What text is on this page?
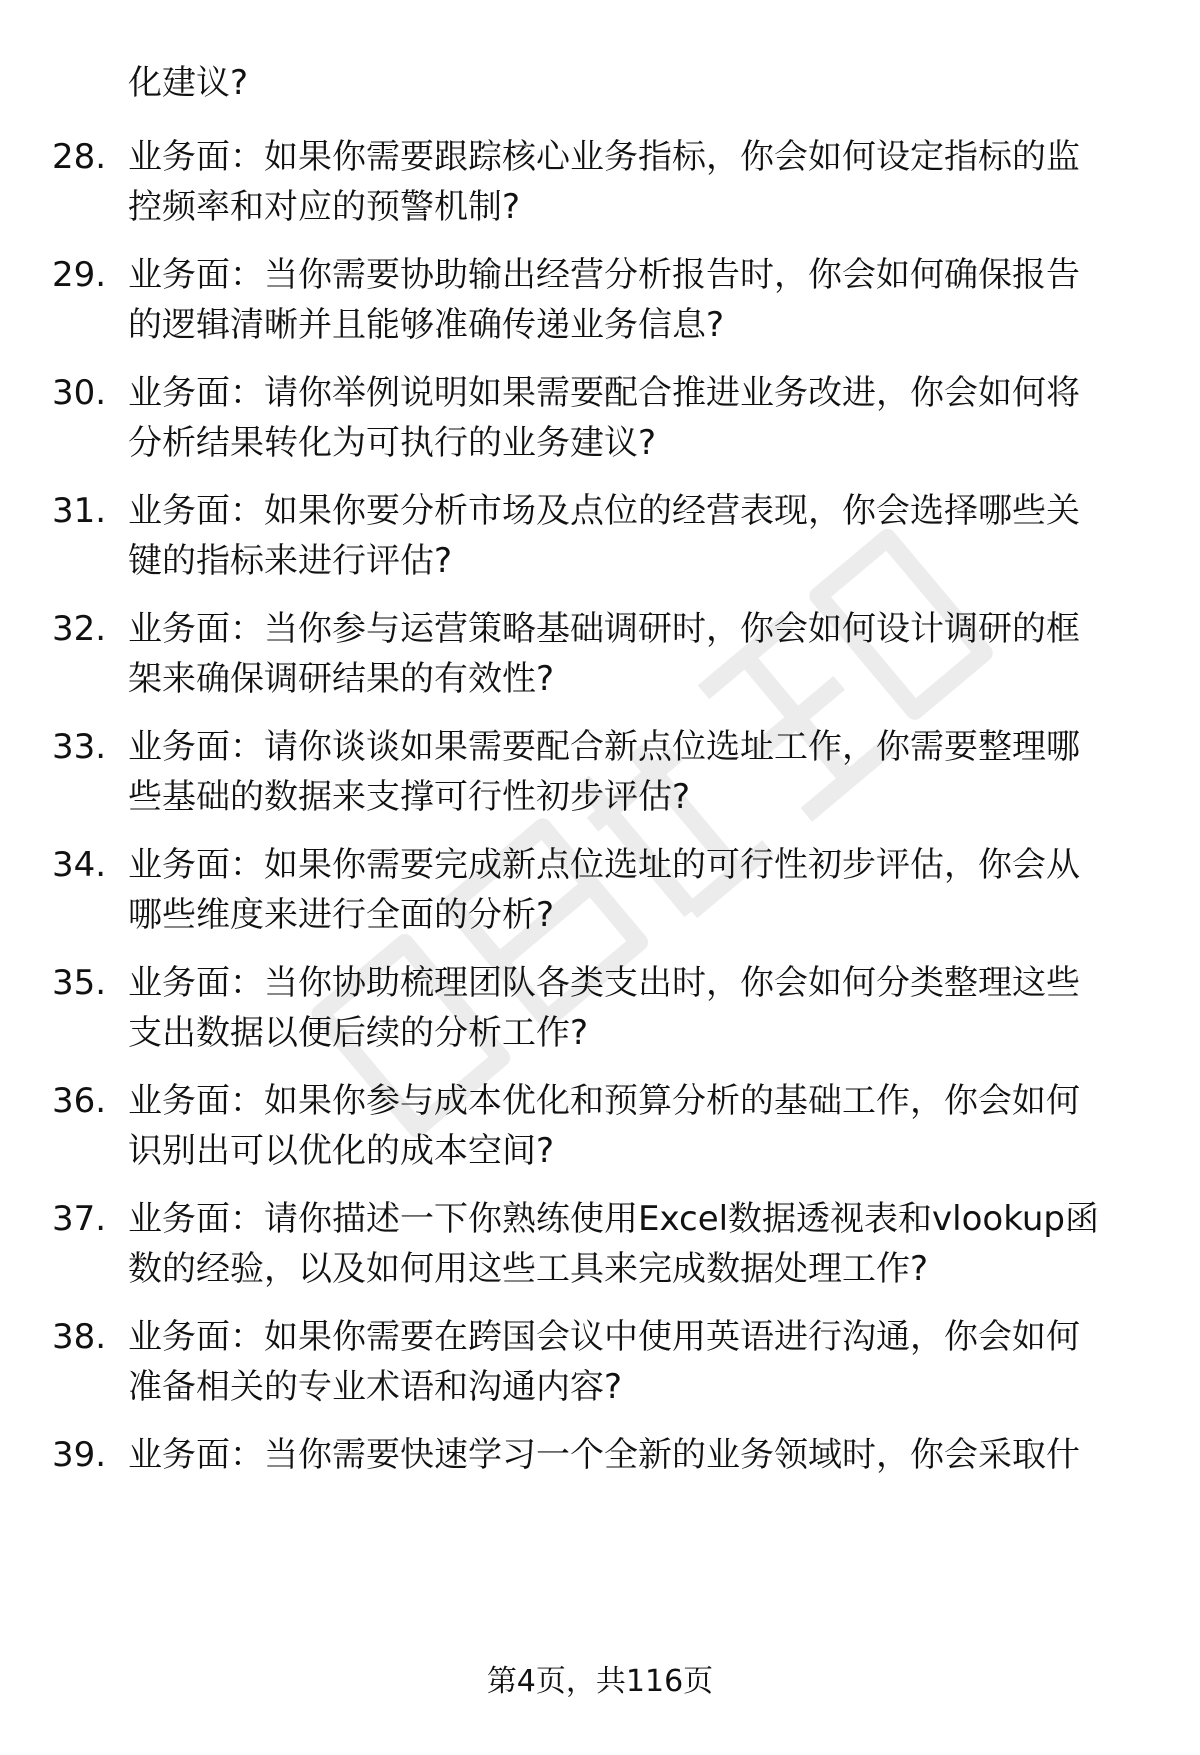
化建议?
28. 业务面：如果你需要跟踪核心业务指标，你会如何设定指标的监
控频率和对应的预警机制?
29. 业务面：当你需要协助输出经营分析报告时，你会如何确保报告
的逻辑清晰并且能够准确传递业务信息?
30. 业务面：请你举例说明如果需要配合推进业务改进，你会如何将
分析结果转化为可执行的业务建议?
31. 业务面：如果你要分析市场及点位的经营表现，你会选择哪些关
键的指标来进行评估?
32. 业务面：当你参与运营策略基础调研时，你会如何设计调研的框
架来确保调研结果的有效性?
33. 业务面：请你谈谈如果需要配合新点位选址工作，你需要整理哪
些基础的数据来支撑可行性初步评估?
34. 业务面：如果你需要完成新点位选址的可行性初步评估，你会从
哪些维度来进行全面的分析?
35. 业务面：当你协助梳理团队各类支出时，你会如何分类整理这些
支出数据以便后续的分析工作?
36. 业务面：如果你参与成本优化和预算分析的基础工作，你会如何
识别出可以优化的成本空间?
37. 业务面：请你描述一下你熟练使用Excel数据透视表和vlookup函
数的经验，以及如何用这些工具来完成数据处理工作?
38. 业务面：如果你需要在跨国会议中使用英语进行沟通，你会如何
准备相关的专业术语和沟通内容?
39. 业务面：当你需要快速学习一个全新的业务领域时，你会采取什
第4页，共116页
